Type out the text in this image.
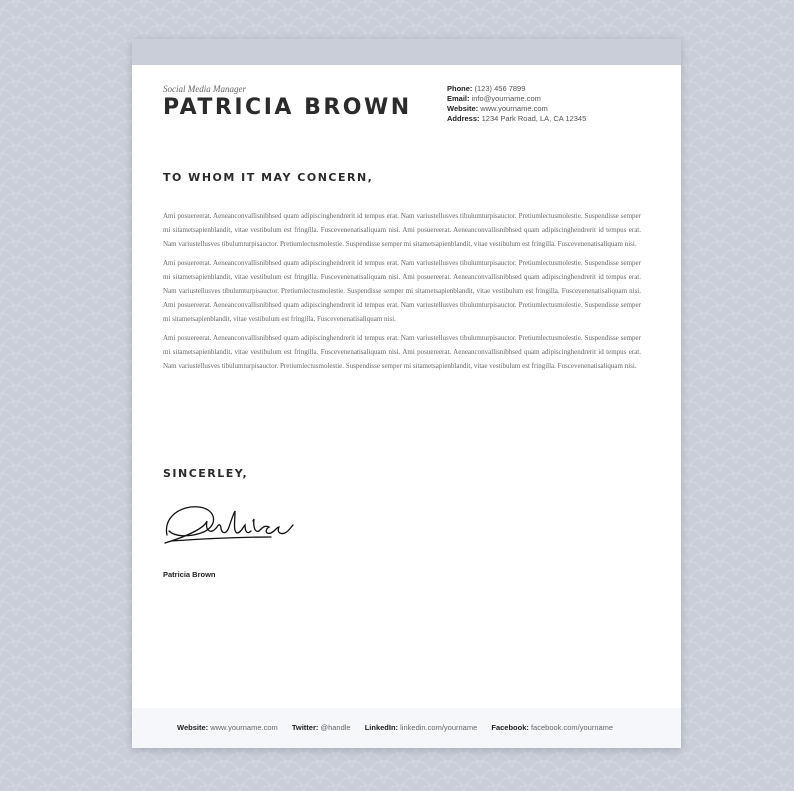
Social Media Manager
PATRICIA BROWN
Phone: (123) 456 7899
Email: info@yourname.com
Website: www.yourname.com
Address: 1234 Park Road, LA, CA 12345
TO WHOM IT MAY CONCERN,

Ami posuereerat. Aeneanconvallisnibhsed quam adipiscinghendrerit id tempus erat. Nam variustellusves tibulumturpisauctor. Pretiumlectusmolestie. Suspendisse semper mi sitametsapienblandit, vitae vestibulum est fringilla. Fuscevenenatisaliquam nisi. Ami posuereerat. Aeneanconvallisnibhsed quam adipiscinghendrerit id tempus erat. Nam variustellusves tibulumturpisauctor. Pretiumlectusmolestie. Suspendisse semper mi sitametsapienblandit, vitae vestibulum est fringilla. Fuscevenenatisaliquam nisi.

Ami posuereerat. Aeneanconvallisnibhsed quam adipiscinghendrerit id tempus erat. Nam variustellusves tibulumturpisauctor. Pretiumlectusmolestie. Suspendisse semper mi sitametsapienblandit, vitae vestibulum est fringilla. Fuscevenenatisaliquam nisi. Ami posuereerat. Aeneanconvallisnibhsed quam adipiscinghendrerit id tempus erat. Nam variustellusves tibulumturpisauctor. Pretiumlectusmolestie. Suspendisse semper mi sitametsapienblandit, vitae vestibulum est fringilla. Fuscevenenatisaliquam nisi. Ami posuereerat. Aeneanconvallisnibhsed quam adipiscinghendrerit id tempus erat. Nam variustellusves tibulumturpisauctor. Pretiumlectusmolestie. Suspendisse semper mi sitametsapienblandit, vitae vestibulum est fringilla. Fuscevenenatisaliquam nisi.

Ami posuereerat. Aeneanconvallisnibhsed quam adipiscinghendrerit id tempus erat. Nam variustellusves tibulumturpisauctor. Pretiumlectusmolestie. Suspendisse semper mi sitametsapienblandit, vitae vestibulum est fringilla. Fuscevenenatisaliquam nisi. Ami posuereerat. Aeneanconvallisnibhsed quam adipiscinghendrerit id tempus erat. Nam variustellusves tibulumturpisauctor. Pretiumlectusmolestie. Suspendisse semper mi sitametsapienblandit, vitae vestibulum est fringilla. Fuscevenenatisaliquam nisi.

SINCERLEY,
Patricia Brown
Website: www.yourname.com Twitter: @handle LinkedIn: linkedin.com/yourname Facebook: facebook.com/yourname
